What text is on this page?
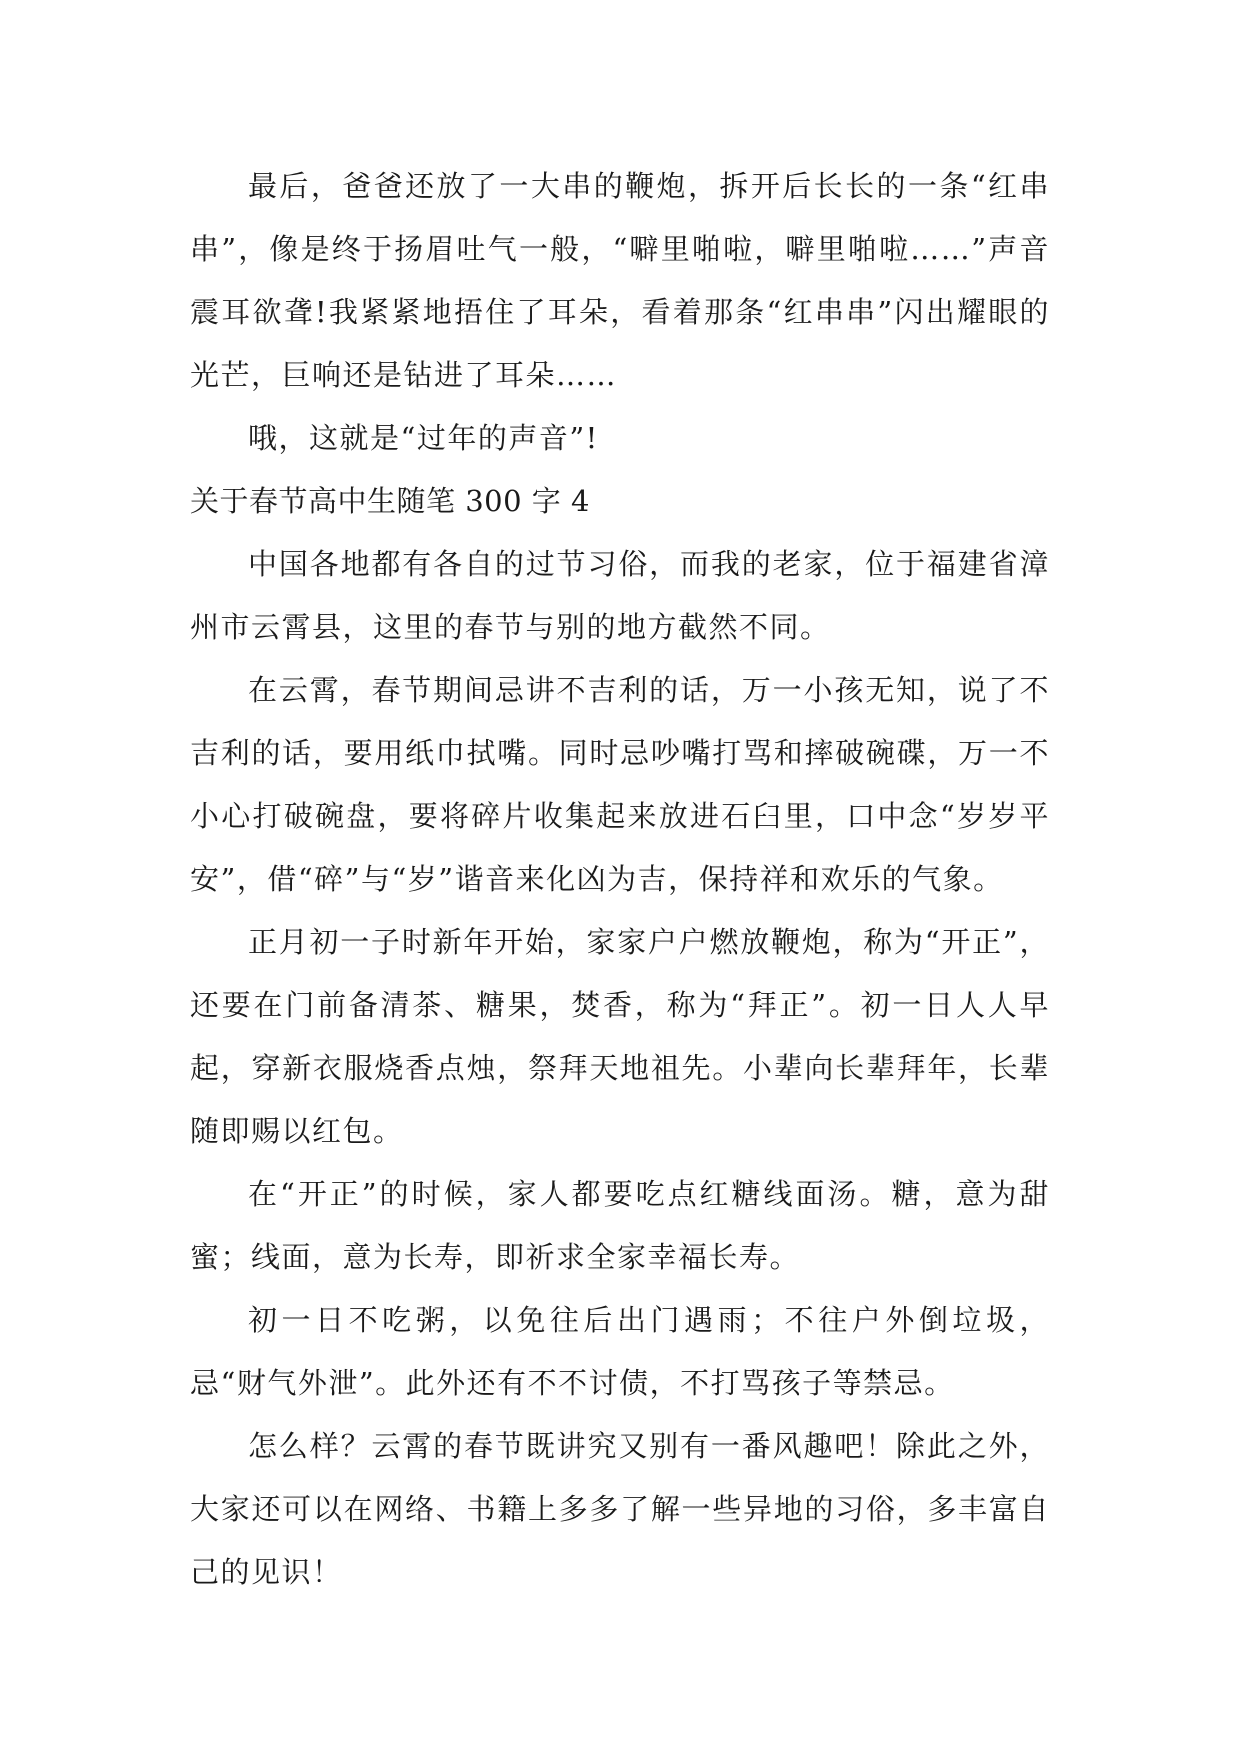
最后，爸爸还放了一大串的鞭炮，拆开后长长的一条“红串串”，像是终于扬眉吐气一般，“噼里啪啦，噼里啪啦……”声音震耳欲聋!我紧紧地捂住了耳朵，看着那条“红串串”闪出耀眼的光芒，巨响还是钻进了耳朵……

哦，这就是“过年的声音”!

关于春节高中生随笔 300 字 4

中国各地都有各自的过节习俗，而我的老家，位于福建省漳州市云霄县，这里的春节与别的地方截然不同。

在云霄，春节期间忌讲不吉利的话，万一小孩无知，说了不吉利的话，要用纸巾拭嘴。同时忌吵嘴打骂和摔破碗碟，万一不小心打破碗盘，要将碎片收集起来放进石臼里，口中念“岁岁平安”，借“碎”与“岁”谐音来化凶为吉，保持祥和欢乐的气象。

正月初一子时新年开始，家家户户燃放鞭炮，称为“开正”，还要在门前备清茶、糖果，焚香，称为“拜正”。初一日人人早起，穿新衣服烧香点烛，祭拜天地祖先。小辈向长辈拜年，长辈随即赐以红包。

在“开正”的时候，家人都要吃点红糖线面汤。糖，意为甜蜜；线面，意为长寿，即祈求全家幸福长寿。

初一日不吃粥，以免往后出门遇雨；不往户外倒垃圾，忌“财气外泄”。此外还有不不讨债，不打骂孩子等禁忌。

怎么样？云霄的春节既讲究又别有一番风趣吧！除此之外，大家还可以在网络、书籍上多多了解一些异地的习俗，多丰富自己的见识！
